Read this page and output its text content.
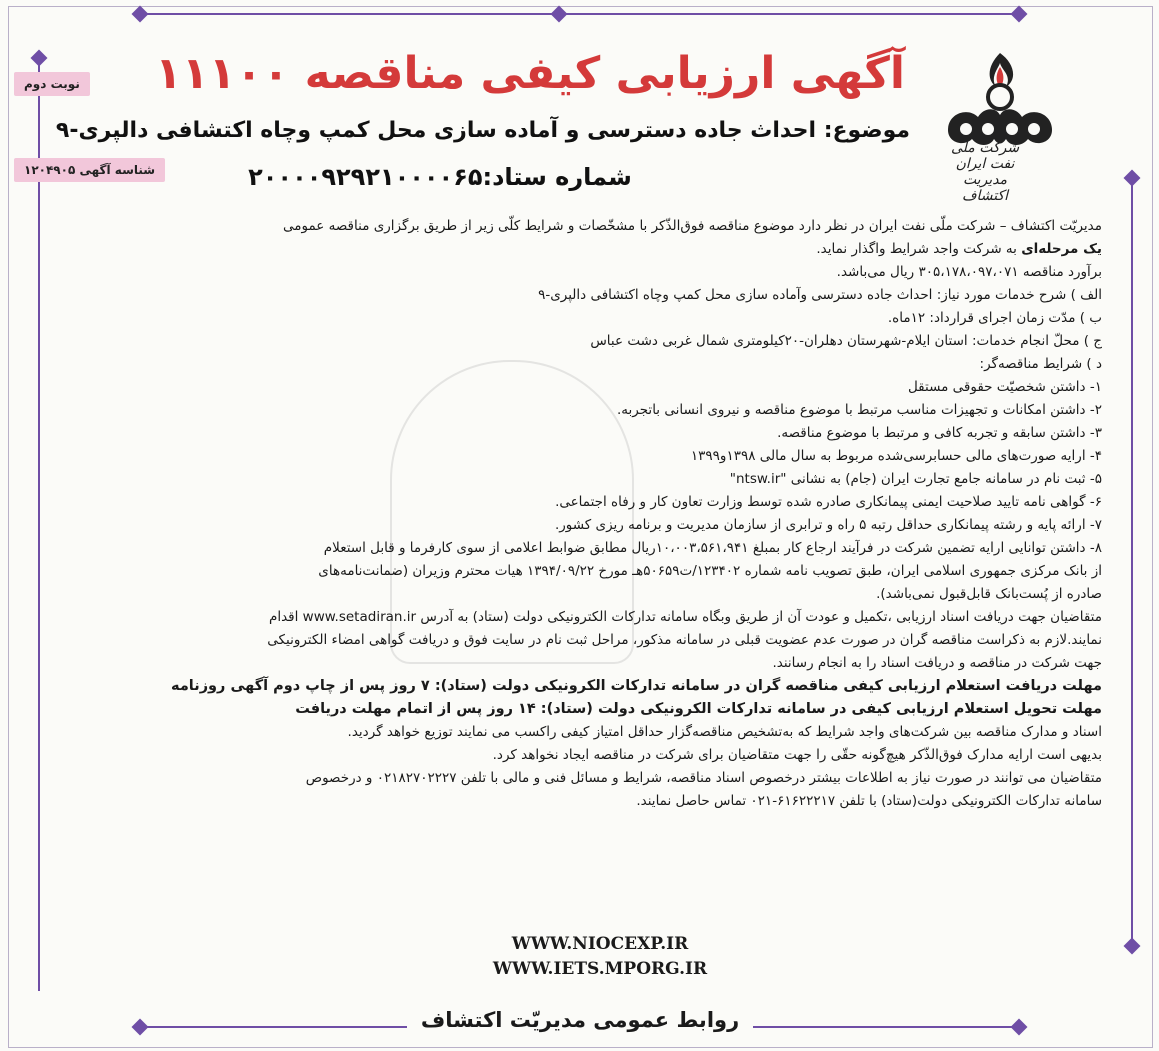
نوبت دوم
شناسه آگهی ۱۲۰۴۹۰۵
شرکت ملی نفت ایران
مدیریت اکتشاف
آگهی ارزیابی کیفی مناقصه ۱۱۱۰۰
موضوع: احداث جاده دسترسی و آماده سازی محل کمپ وچاه اکتشافی دالپری-۹
شماره ستاد:۲۰۰۰۰۹۲۹۲۱۰۰۰۰۶۵

مدیریّت اکتشاف – شرکت ملّی نفت ایران در نظر دارد موضوع مناقصه فوق‌الذّکر با مشخّصات و شرایط کلّی زیر از طریق برگزاری مناقصه عمومی

یک مرحله‌ای به شرکت واجد شرایط واگذار نماید.

برآورد مناقصه ۳۰۵،۱۷۸،۰۹۷،۰۷۱ ریال می‌باشد.

الف ) شرح خدمات مورد نیاز: احداث جاده دسترسی وآماده سازی محل کمپ وچاه اکتشافی دالپری-۹

ب ) مدّت زمان اجرای قرارداد: ۱۲ماه.

ج ) محلّ انجام خدمات: استان ایلام-شهرستان دهلران-۲۰کیلومتری شمال غربی دشت عباس

د ) شرایط مناقصه‌گر:

۱- داشتن شخصیّت حقوقی مستقل

۲- داشتن امکانات و تجهیزات مناسب مرتبط با موضوع مناقصه و نیروی انسانی باتجربه.

۳- داشتن سابقه و تجربه کافی و مرتبط با موضوع مناقصه.

۴- ارایه صورت‌های مالی حسابرسی‌شده مربوط به سال مالی ۱۳۹۸و۱۳۹۹

۵- ثبت نام در سامانه جامع تجارت ایران (جام) به نشانی "ntsw.ir"

۶- گواهی نامه تایید صلاحیت ایمنی پیمانکاری صادره شده توسط وزارت تعاون کار و رفاه اجتماعی.

۷- ارائه پایه و رشته پیمانکاری حداقل رتبه ۵ راه و ترابری از سازمان مدیریت و برنامه ریزی کشور.

۸- داشتن توانایی ارایه تضمین شرکت در فرآیند ارجاع کار بمبلغ ۱۰،۰۰۳،۵۶۱،۹۴۱ریال مطابق ضوابط اعلامی از سوی کارفرما و قابل استعلام

از بانک مرکزی جمهوری اسلامی ایران، طبق تصویب نامه شماره ۱۲۳۴۰۲/ت۵۰۶۵۹هـ مورخ ۱۳۹۴/۰۹/۲۲ هیات محترم وزیران (ضمانت‌نامه‌های

صادره از پُست‌بانک قابل‌قبول نمی‌باشد).

متقاضیان جهت دریافت اسناد ارزیابی ،تکمیل و عودت آن از طریق وبگاه سامانه تدارکات الکترونیکی دولت (ستاد) به آدرس www.setadiran.ir اقدام

نمایند.لازم به ذکراست مناقصه گران در صورت عدم عضویت قبلی در سامانه مذکور، مراحل ثبت نام در سایت فوق و دریافت گواهی امضاء الکترونیکی

جهت شرکت در مناقصه و دریافت اسناد را به انجام رسانند.

مهلت دریافت استعلام ارزیابی کیفی مناقصه گران در سامانه تدارکات الکرونیکی دولت (ستاد): ۷ روز پس از چاپ دوم آگهی روزنامه

مهلت تحویل استعلام ارزیابی کیفی در سامانه تدارکات الکرونیکی دولت (ستاد): ۱۴ روز پس از اتمام مهلت دریافت

اسناد و مدارک مناقصه بین شرکت‌های واجد شرایط که به‌تشخیص مناقصه‌گزار حداقل امتیاز کیفی راکسب می نمایند توزیع خواهد گردید.

بدیهی است ارایه مدارک فوق‌الذّکر هیچ‌گونه حقّی را جهت متقاضیان برای شرکت در مناقصه ایجاد نخواهد کرد.

متقاضیان می توانند در صورت نیاز به اطلاعات بیشتر درخصوص اسناد مناقصه، شرایط و مسائل فنی و مالی با تلفن ۰۲۱۸۲۷۰۲۲۲۷ و درخصوص

سامانه تدارکات الکترونیکی دولت(ستاد) با تلفن ۶۱۶۲۲۲۱۷-۰۲۱ تماس حاصل نمایند.

WWW.NIOCEXP.IR
WWW.IETS.MPORG.IR
روابط عمومی مدیریّت اکتشاف
